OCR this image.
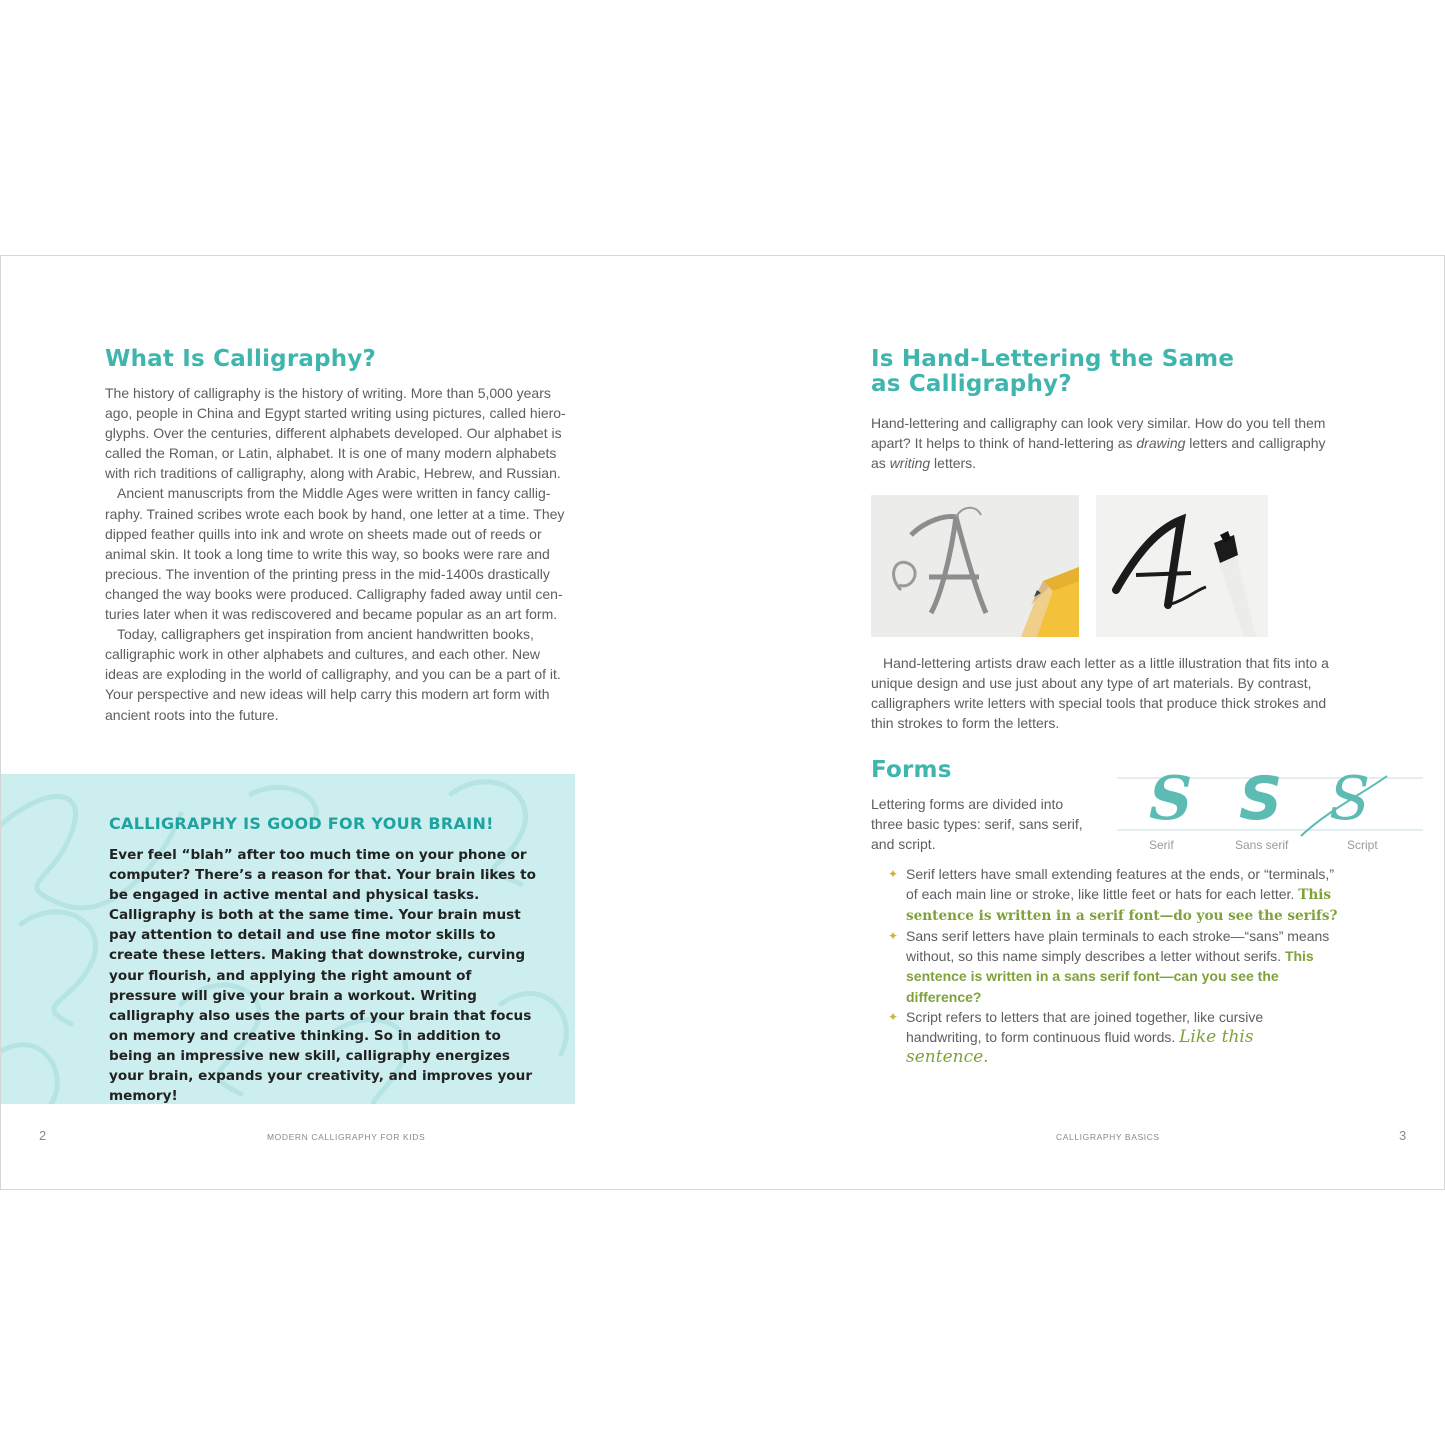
What Is Calligraphy?

The history of calligraphy is the history of writing. More than 5,000 years ago, people in China and Egypt started writing using pictures, called hiero-glyphs. Over the centuries, different alphabets developed. Our alphabet is called the Roman, or Latin, alphabet. It is one of many modern alphabets with rich traditions of calligraphy, along with Arabic, Hebrew, and Russian.

Ancient manuscripts from the Middle Ages were written in fancy callig-raphy. Trained scribes wrote each book by hand, one letter at a time. They dipped feather quills into ink and wrote on sheets made out of reeds or animal skin. It took a long time to write this way, so books were rare and precious. The invention of the printing press in the mid-1400s drastically changed the way books were produced. Calligraphy faded away until cen-turies later when it was rediscovered and became popular as an art form.

Today, calligraphers get inspiration from ancient handwritten books, calligraphic work in other alphabets and cultures, and each other. New ideas are exploding in the world of calligraphy, and you can be a part of it. Your perspective and new ideas will help carry this modern art form with ancient roots into the future.

CALLIGRAPHY IS GOOD FOR YOUR BRAIN!

Ever feel “blah” after too much time on your phone or computer? There’s a reason for that. Your brain likes to be engaged in active mental and physical tasks. Calligraphy is both at the same time. Your brain must pay attention to detail and use fine motor skills to create these letters. Making that downstroke, curving your flourish, and applying the right amount of pressure will give your brain a workout. Writing calligraphy also uses the parts of your brain that focus on memory and creative thinking. So in addition to being an impressive new skill, calligraphy energizes your brain, expands your creativity, and improves your memory!

2	MODERN CALLIGRAPHY FOR KIDS
Is Hand-Lettering the Same
as Calligraphy?

Hand-lettering and calligraphy can look very similar. How do you tell them apart? It helps to think of hand-lettering as drawing letters and calligraphy as writing letters.

Hand-lettering artists draw each letter as a little illustration that fits into a unique design and use just about any type of art materials. By contrast, calligraphers write letters with special tools that produce thick strokes and thin strokes to form the letters.

Forms

Lettering forms are divided into three basic types: serif, sans serif, and script.

S S S
Serif	Sans serif	Script
✦ Serif letters have small extending features at the ends, or “terminals,” of each main line or stroke, like little feet or hats for each letter. This sentence is written in a serif font—do you see the serifs?
✦ Sans serif letters have plain terminals to each stroke—“sans” means without, so this name simply describes a letter without serifs. This sentence is written in a sans serif font—can you see the difference?
✦ Script refers to letters that are joined together, like cursive handwriting, to form continuous fluid words. Like this sentence.
CALLIGRAPHY BASICS	3
